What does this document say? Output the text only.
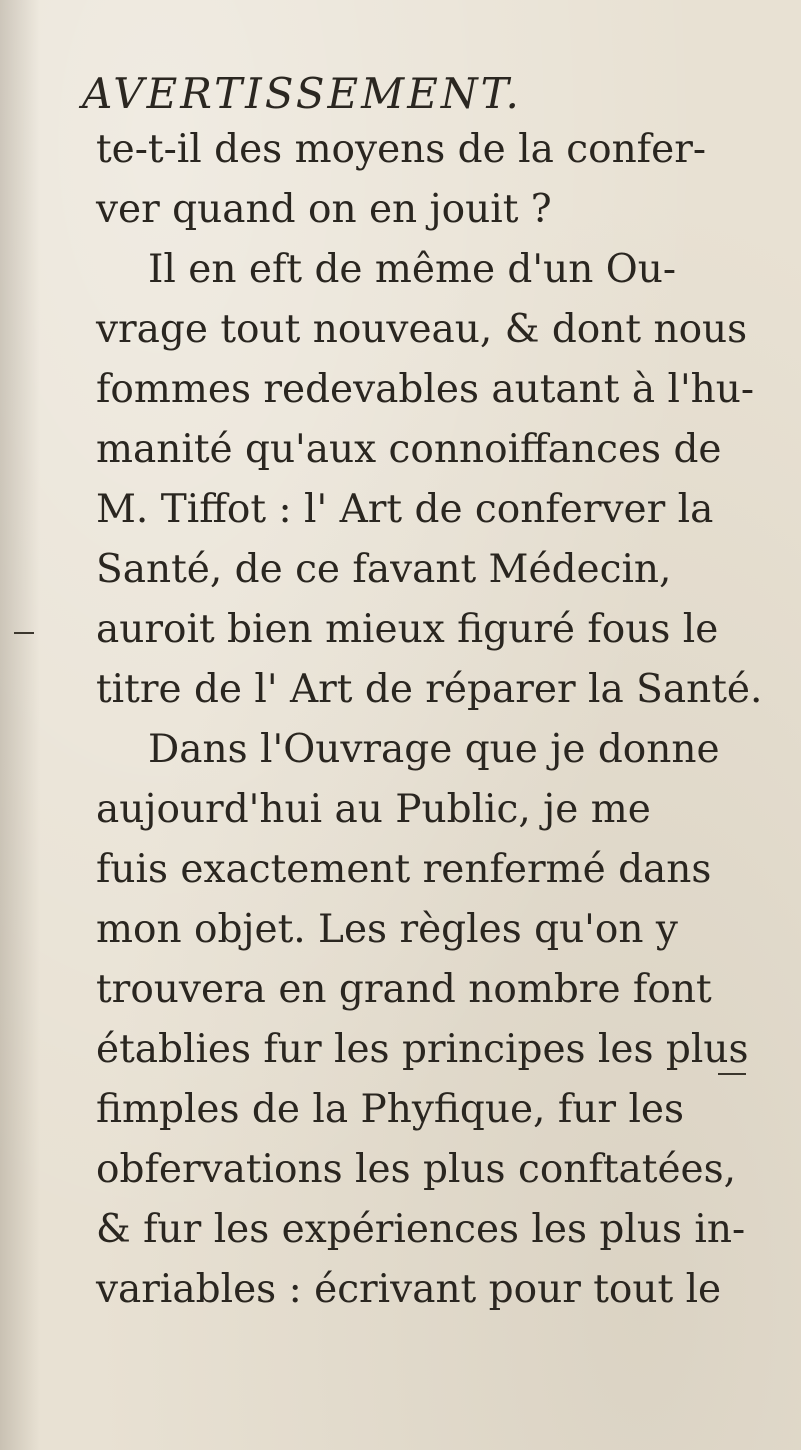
AVERTISSEMENT.
te-t-il des moyens de la confer-
ver quand on en jouit ?
Il en eft de même d'un Ou-
vrage tout nouveau, & dont nous
fommes redevables autant à l'hu-
manité qu'aux connoiffances de
M. Tiffot : l' Art de conferver la
Santé, de ce favant Médecin,
auroit bien mieux figuré fous le
titre de l' Art de réparer la Santé.
Dans l'Ouvrage que je donne
aujourd'hui au Public, je me
fuis exactement renfermé dans
mon objet. Les règles qu'on y
trouvera en grand nombre font
établies fur les principes les plus
fimples de la Phyfique, fur les
obfervations les plus conftatées,
& fur les expériences les plus in-
variables : écrivant pour tout le
